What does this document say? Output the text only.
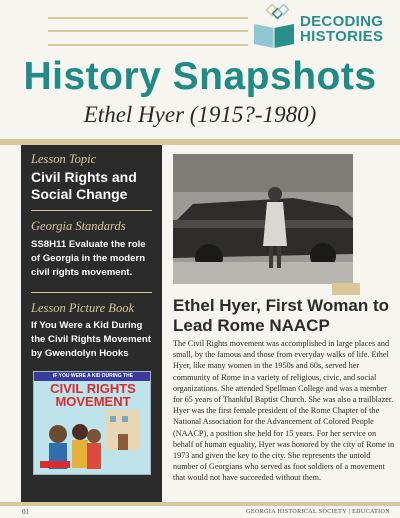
DECODING
HISTORIES
History Snapshots
Ethel Hyer (1915?-1980)
Lesson Topic
Civil Rights and
Social Change
Georgia Standards
SS8H11 Evaluate the role
of Georgia in the modern
civil rights movement.
Lesson Picture Book
If You Were a Kid During
the Civil Rights Movement
by Gwendolyn Hooks
IF YOU WERE A KID DURING THE
CIVIL RIGHTS
MOVEMENT
Ethel Hyer, First Woman to
Lead Rome NAACP
The Civil Rights movement was accomplished in large places and small, by the famous and those from everyday walks of life. Ethel Hyer, like many women in the 1950s and 60s, served her community of Rome in a variety of religious, civic, and social organizations. She attended Spellman College and was a member for 65 years of Thankful Baptist Church. She was also a trailblazer. Hyer was the first female president of the Rome Chapter of the National Association for the Advancement of Colored People (NAACP), a position she held for 15 years. For her service on behalf of human equality, Hyer was honored by the city of Rome in 1973 and given the key to the city. She represents the untold number of Georgians who served as foot soldiers of a movement that would not have succeeded without them.
01	GEORGIA HISTORICAL SOCIETY | EDUCATION
